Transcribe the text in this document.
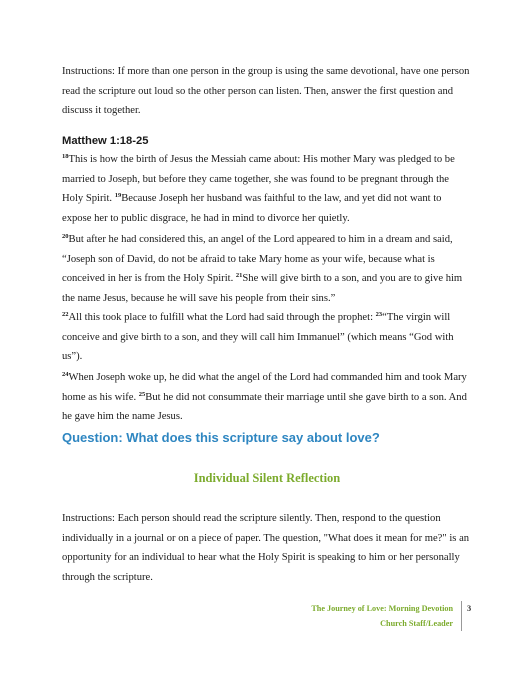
Instructions: If more than one person in the group is using the same devotional, have one person read the scripture out loud so the other person can listen. Then, answer the first question and discuss it together.

Matthew 1:18-25

$^{18}$This is how the birth of Jesus the Messiah came about: His mother Mary was pledged to be married to Joseph, but before they came together, she was found to be pregnant through the Holy Spirit. $^{19}$Because Joseph her husband was faithful to the law, and yet did not want to expose her to public disgrace, he had in mind to divorce her quietly.

$^{20}$But after he had considered this, an angel of the Lord appeared to him in a dream and said, “Joseph son of David, do not be afraid to take Mary home as your wife, because what is conceived in her is from the Holy Spirit. $^{21}$She will give birth to a son, and you are to give him the name Jesus, because he will save his people from their sins.”

$^{22}$All this took place to fulfill what the Lord had said through the prophet: $^{23}$“The virgin will conceive and give birth to a son, and they will call him Immanuel” (which means “God with us”).

$^{24}$When Joseph woke up, he did what the angel of the Lord had commanded him and took Mary home as his wife. $^{25}$But he did not consummate their marriage until she gave birth to a son. And he gave him the name Jesus.

Question: What does this scripture say about love?
Individual Silent Reflection

Instructions: Each person should read the scripture silently. Then, respond to the question individually in a journal or on a piece of paper. The question, "What does it mean for me?" is an opportunity for an individual to hear what the Holy Spirit is speaking to him or her personally through the scripture.

The Journey of Love: Morning Devotion
Church Staff/Leader
3
